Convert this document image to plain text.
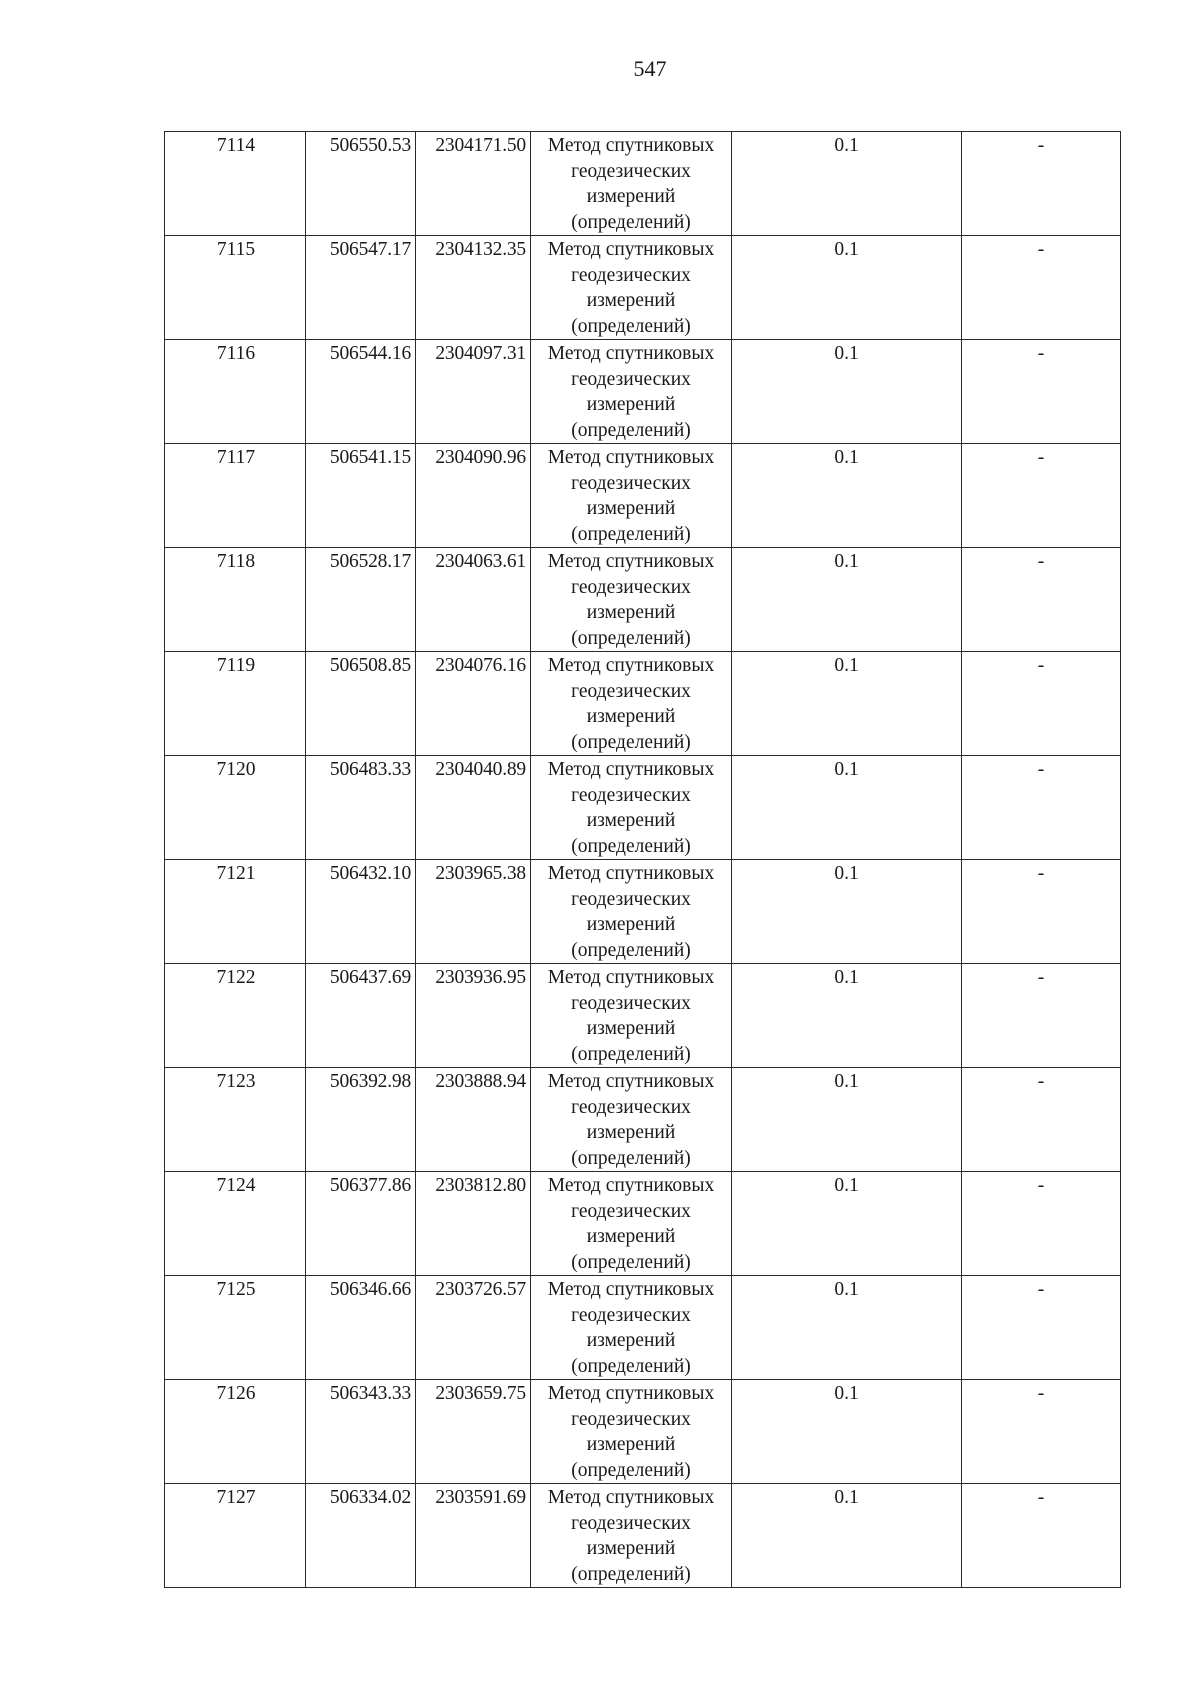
547
7114	506550.53	2304171.50	Метод спутниковых геодезических измерений (определений)	0.1	-
7115	506547.17	2304132.35	Метод спутниковых геодезических измерений (определений)	0.1	-
7116	506544.16	2304097.31	Метод спутниковых геодезических измерений (определений)	0.1	-
7117	506541.15	2304090.96	Метод спутниковых геодезических измерений (определений)	0.1	-
7118	506528.17	2304063.61	Метод спутниковых геодезических измерений (определений)	0.1	-
7119	506508.85	2304076.16	Метод спутниковых геодезических измерений (определений)	0.1	-
7120	506483.33	2304040.89	Метод спутниковых геодезических измерений (определений)	0.1	-
7121	506432.10	2303965.38	Метод спутниковых геодезических измерений (определений)	0.1	-
7122	506437.69	2303936.95	Метод спутниковых геодезических измерений (определений)	0.1	-
7123	506392.98	2303888.94	Метод спутниковых геодезических измерений (определений)	0.1	-
7124	506377.86	2303812.80	Метод спутниковых геодезических измерений (определений)	0.1	-
7125	506346.66	2303726.57	Метод спутниковых геодезических измерений (определений)	0.1	-
7126	506343.33	2303659.75	Метод спутниковых геодезических измерений (определений)	0.1	-
7127	506334.02	2303591.69	Метод спутниковых геодезических измерений (определений)	0.1	-
